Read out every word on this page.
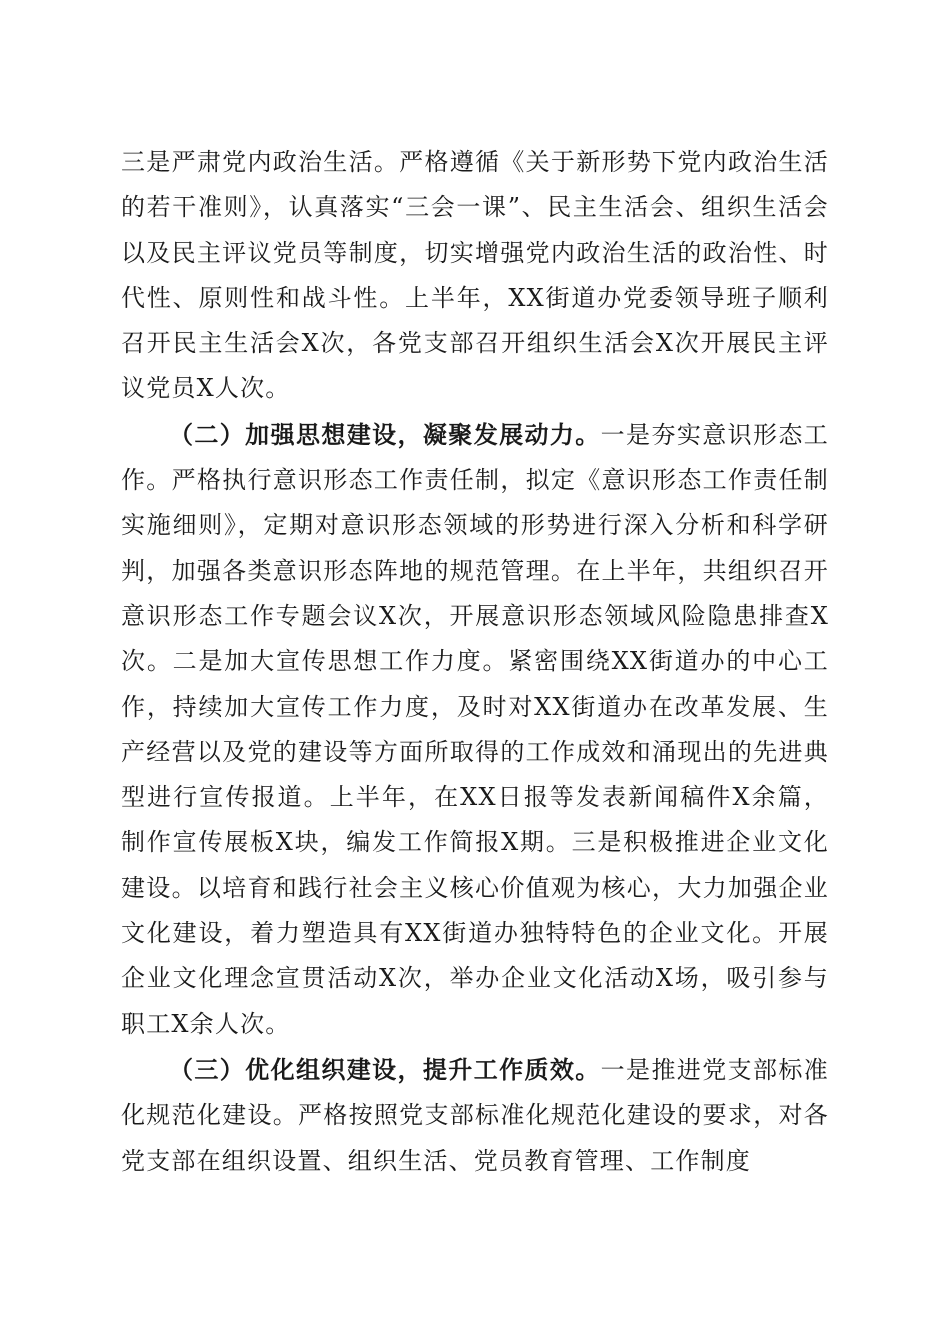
三是严肃党内政治生活。严格遵循《关于新形势下党内政治生活的若干准则》，认真落实“三会一课”、民主生活会、组织生活会以及民主评议党员等制度，切实增强党内政治生活的政治性、时代性、原则性和战斗性。上半年，XX街道办党委领导班子顺利召开民主生活会X次，各党支部召开组织生活会X次开展民主评议党员X人次。

（二）加强思想建设，凝聚发展动力。一是夯实意识形态工作。严格执行意识形态工作责任制，拟定《意识形态工作责任制实施细则》，定期对意识形态领域的形势进行深入分析和科学研判，加强各类意识形态阵地的规范管理。在上半年，共组织召开意识形态工作专题会议X次，开展意识形态领域风险隐患排查X次。二是加大宣传思想工作力度。紧密围绕XX街道办的中心工作，持续加大宣传工作力度，及时对XX街道办在改革发展、生产经营以及党的建设等方面所取得的工作成效和涌现出的先进典型进行宣传报道。上半年，在XX日报等发表新闻稿件X余篇，制作宣传展板X块，编发工作简报X期。三是积极推进企业文化建设。以培育和践行社会主义核心价值观为核心，大力加强企业文化建设，着力塑造具有XX街道办独特特色的企业文化。开展企业文化理念宣贯活动X次，举办企业文化活动X场，吸引参与职工X余人次。

（三）优化组织建设，提升工作质效。一是推进党支部标准化规范化建设。严格按照党支部标准化规范化建设的要求，对各党支部在组织设置、组织生活、党员教育管理、工作制度
